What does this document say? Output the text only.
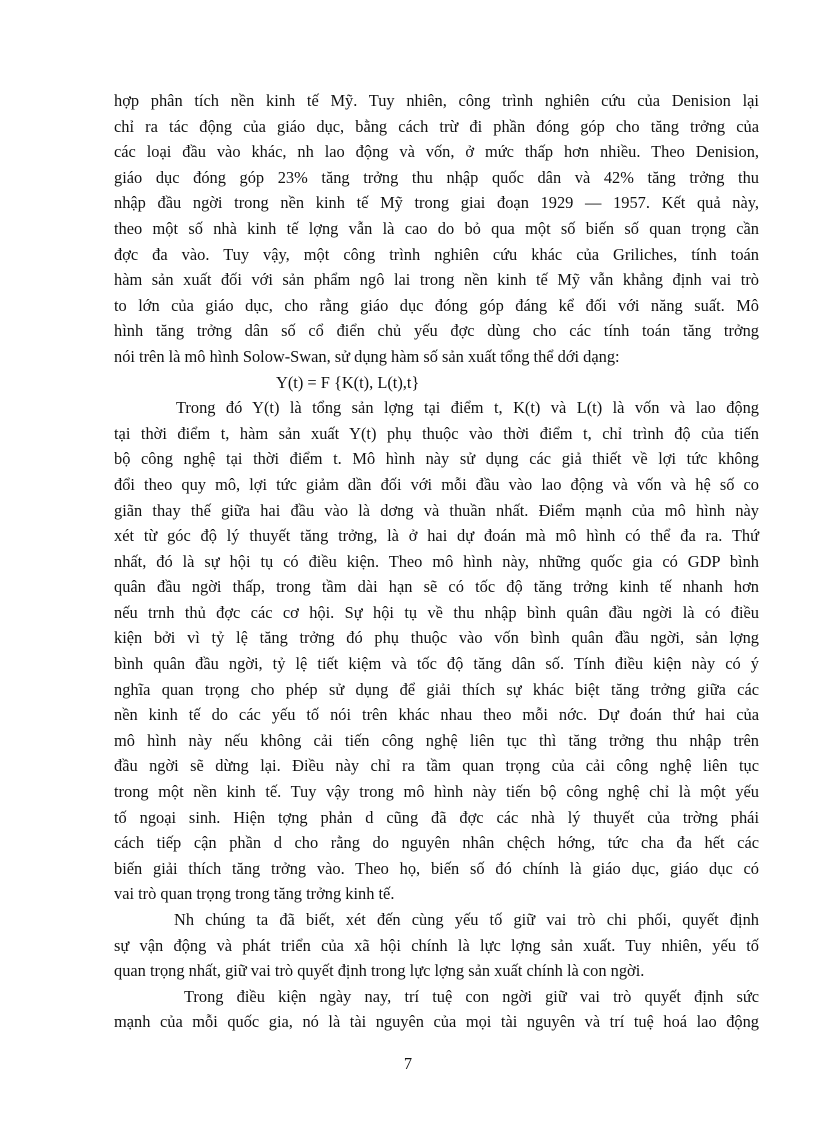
hợp phân tích nền kinh tế Mỹ. Tuy nhiên, công trình nghiên cứu của Denision lại
chỉ ra tác động của giáo dục, bằng cách trừ đi phần đóng góp cho tăng trởng của
các loại đầu vào khác, nh lao động và vốn, ở mức thấp hơn nhiều. Theo Denision,
giáo dục đóng góp 23% tăng trởng thu nhập quốc dân và 42% tăng trởng thu
nhập đầu ngời trong nền kinh tế Mỹ trong giai đoạn 1929 — 1957. Kết quả này,
theo một số nhà kinh tế lợng vẫn là cao do bỏ qua một số biến số quan trọng cần
đợc đa vào. Tuy vậy, một công trình nghiên cứu khác của Griliches, tính toán
hàm sản xuất đối với sản phẩm ngô lai trong nền kinh tế Mỹ vẫn khẳng định vai trò
to lớn của giáo dục, cho rằng giáo dục đóng góp đáng kể đối với năng suất. Mô
hình tăng trởng dân số cổ điển chủ yếu đợc dùng cho các tính toán tăng trởng
nói trên là mô hình Solow-Swan, sử dụng hàm số sản xuất tổng thể dới dạng:
Y(t) = F {K(t), L(t),t}
Trong đó Y(t) là tổng sản lợng tại điểm t, K(t) và L(t) là vốn và lao động
tại thời điểm t, hàm sản xuất Y(t) phụ thuộc vào thời điểm t, chỉ trình độ của tiến
bộ công nghệ tại thời điểm t. Mô hình này sử dụng các giả thiết về lợi tức không
đổi theo quy mô, lợi tức giảm dần đối với mỗi đầu vào lao động và vốn và hệ số co
giãn thay thế giữa hai đầu vào là dơng và thuần nhất. Điểm mạnh của mô hình này
xét từ góc độ lý thuyết tăng trởng, là ở hai dự đoán mà mô hình có thể đa ra. Thứ
nhất, đó là sự hội tụ có điều kiện. Theo mô hình này, những quốc gia có GDP bình
quân đầu ngời thấp, trong tầm dài hạn sẽ có tốc độ tăng trởng kinh tế nhanh hơn
nếu trnh thủ đợc các cơ hội. Sự hội tụ về thu nhập bình quân đầu ngời là có điều
kiện bởi vì tỷ lệ tăng trởng đó phụ thuộc vào vốn bình quân đầu ngời, sản lợng
bình quân đầu ngời, tỷ lệ tiết kiệm và tốc độ tăng dân số. Tính điều kiện này có ý
nghĩa quan trọng cho phép sử dụng để giải thích sự khác biệt tăng trởng giữa các
nền kinh tế do các yếu tố nói trên khác nhau theo mỗi nớc. Dự đoán thứ hai của
mô hình này nếu không cải tiến công nghệ liên tục thì tăng trởng thu nhập trên
đầu ngời sẽ dừng lại. Điều này chỉ ra tầm quan trọng của cải công nghệ liên tục
trong một nền kinh tế. Tuy vậy trong mô hình này tiến bộ công nghệ chỉ là một yếu
tố ngoại sinh. Hiện tợng phản d cũng đã đợc các nhà lý thuyết của trờng phái
cách tiếp cận phần d cho rằng do nguyên nhân chệch hớng, tức cha đa hết các
biến giải thích tăng trởng vào. Theo họ, biến số đó chính là giáo dục, giáo dục có
vai trò quan trọng trong tăng trởng kinh tế.
Nh chúng ta đã biết, xét đến cùng yếu tố giữ vai trò chi phối, quyết định
sự vận động và phát triển của xã hội chính là lực lợng sản xuất. Tuy nhiên, yếu tố
quan trọng nhất, giữ vai trò quyết định trong lực lợng sản xuất chính là con ngời.
Trong điều kiện ngày nay, trí tuệ con ngời giữ vai trò quyết định sức
mạnh của mỗi quốc gia, nó là tài nguyên của mọi tài nguyên và trí tuệ hoá lao động
7
